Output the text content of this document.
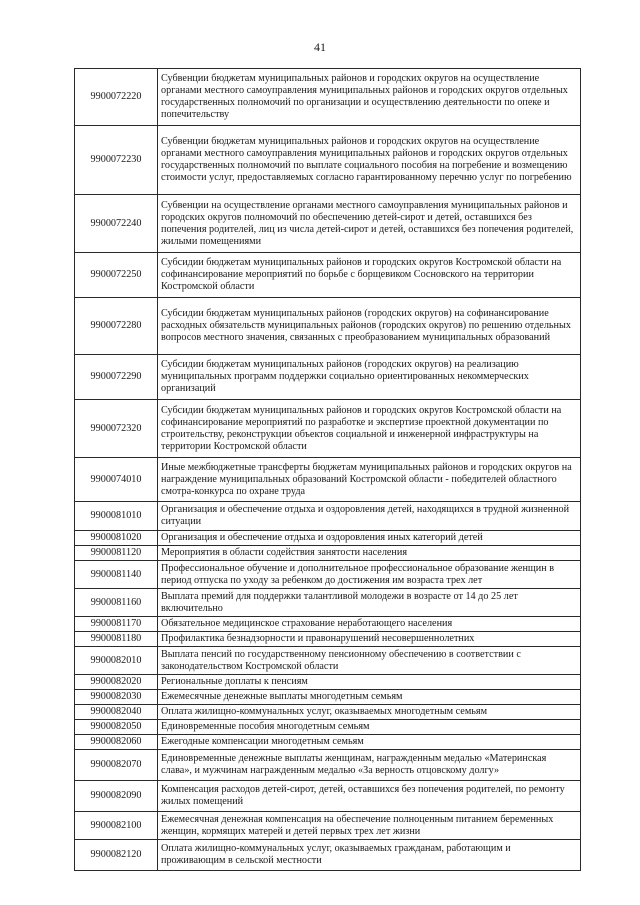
41
9900072220	Субвенции бюджетам муниципальных районов и городских округов на осуществление органами местного самоуправления муниципальных районов и городских округов отдельных государственных полномочий по организации и осуществлению деятельности по опеке и попечительству
9900072230	Субвенции бюджетам муниципальных районов и городских округов на осуществление органами местного самоуправления муниципальных районов и городских округов отдельных государственных полномочий по выплате социального пособия на погребение и возмещению стоимости услуг, предоставляемых согласно гарантированному перечню услуг по погребению
9900072240	Субвенции на осуществление органами местного самоуправления муниципальных районов и городских округов полномочий по обеспечению детей-сирот и детей, оставшихся без попечения родителей, лиц из числа детей-сирот и детей, оставшихся без попечения родителей, жилыми помещениями
9900072250	Субсидии бюджетам муниципальных районов и городских округов Костромской области на софинансирование мероприятий по борьбе с борщевиком Сосновского на территории Костромской области
9900072280	Субсидии бюджетам муниципальных районов (городских округов) на софинансирование расходных обязательств муниципальных районов (городских округов) по решению отдельных вопросов местного значения, связанных с преобразованием муниципальных образований
9900072290	Субсидии бюджетам муниципальных районов (городских округов) на реализацию муниципальных программ поддержки социально ориентированных некоммерческих организаций
9900072320	Субсидии бюджетам муниципальных районов и городских округов Костромской области на софинансирование мероприятий по разработке и экспертизе проектной документации по строительству, реконструкции объектов социальной и инженерной инфраструктуры на территории Костромской области
9900074010	Иные межбюджетные трансферты бюджетам муниципальных районов и городских округов на награждение муниципальных образований Костромской области - победителей областного смотра-конкурса по охране труда
9900081010	Организация и обеспечение отдыха и оздоровления детей, находящихся в трудной жизненной ситуации
9900081020	Организация и обеспечение отдыха и оздоровления иных категорий детей
9900081120	Мероприятия в области содействия занятости населения
9900081140	Профессиональное обучение и дополнительное профессиональное образование женщин в период отпуска по уходу за ребенком до достижения им возраста трех лет
9900081160	Выплата премий для поддержки талантливой молодежи в возрасте от 14 до 25 лет включительно
9900081170	Обязательное медицинское страхование неработающего населения
9900081180	Профилактика безнадзорности и правонарушений несовершеннолетних
9900082010	Выплата пенсий по государственному пенсионному обеспечению в соответствии с законодательством Костромской области
9900082020	Региональные доплаты к пенсиям
9900082030	Ежемесячные денежные выплаты многодетным семьям
9900082040	Оплата жилищно-коммунальных услуг, оказываемых многодетным семьям
9900082050	Единовременные пособия многодетным семьям
9900082060	Ежегодные компенсации многодетным семьям
9900082070	Единовременные денежные выплаты женщинам, награжденным медалью «Материнская слава», и мужчинам награжденным медалью «За верность отцовскому долгу»
9900082090	Компенсация расходов детей-сирот, детей, оставшихся без попечения родителей, по ремонту жилых помещений
9900082100	Ежемесячная денежная компенсация на обеспечение полноценным питанием беременных женщин, кормящих матерей и детей первых трех лет жизни
9900082120	Оплата жилищно-коммунальных услуг, оказываемых гражданам, работающим и проживающим в сельской местности
